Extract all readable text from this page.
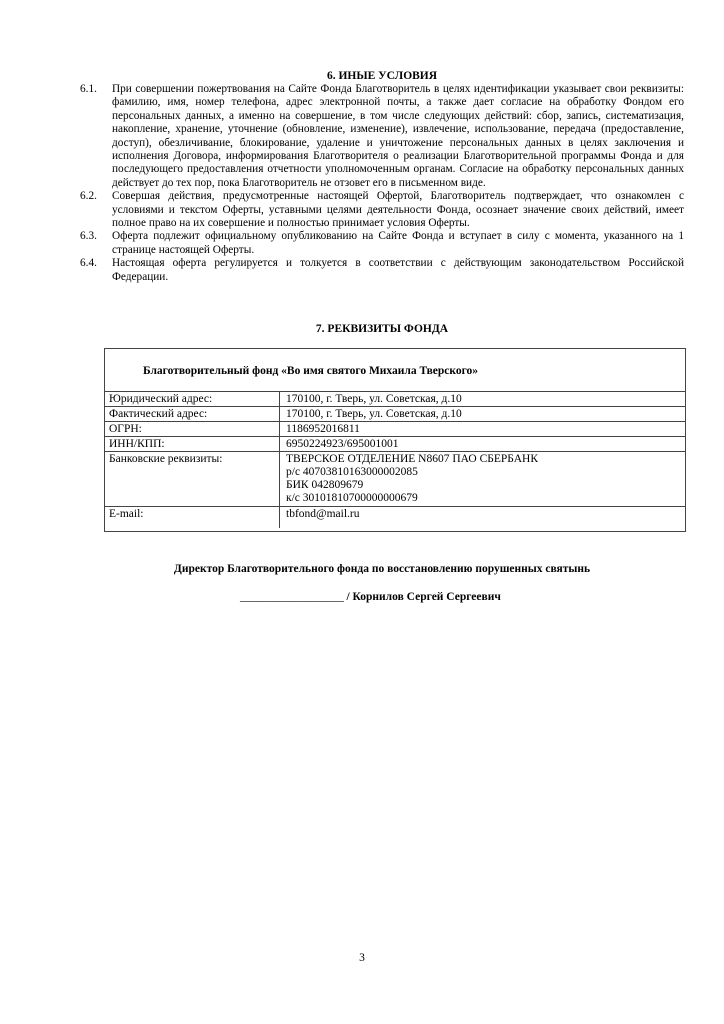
6. ИНЫЕ УСЛОВИЯ
6.1.	При совершении пожертвования на Сайте Фонда Благотворитель в целях идентификации указывает свои реквизиты: фамилию, имя, номер телефона, адрес электронной почты, а также дает согласие на обработку Фондом его персональных данных, а именно на совершение, в том числе следующих действий: сбор, запись, систематизация, накопление, хранение, уточнение (обновление, изменение), извлечение, использование, передача (предоставление, доступ), обезличивание, блокирование, удаление и уничтожение персональных данных в целях заключения и исполнения Договора, информирования Благотворителя о реализации Благотворительной программы Фонда и для последующего предоставления отчетности уполномоченным органам. Согласие на обработку персональных данных действует до тех пор, пока Благотворитель не отзовет его в письменном виде.
6.2.	Совершая действия, предусмотренные настоящей Офертой, Благотворитель подтверждает, что ознакомлен с условиями и текстом Оферты, уставными целями деятельности Фонда, осознает значение своих действий, имеет полное право на их совершение и полностью принимает условия Оферты.
6.3.	Оферта подлежит официальному опубликованию на Сайте Фонда и вступает в силу с момента, указанного на 1 странице настоящей Оферты.
6.4.	Настоящая оферта регулируется и толкуется в соответствии с действующим законодательством Российской Федерации.
7. РЕКВИЗИТЫ ФОНДА
Благотворительный фонд «Во имя святого Михаила Тверского»
Юридический адрес:	170100, г. Тверь, ул. Советская, д.10
Фактический адрес:	170100, г. Тверь, ул. Советская, д.10
ОГРН:	1186952016811
ИНН/КПП:	6950224923/695001001
Банковские реквизиты:	ТВЕРСКОЕ ОТДЕЛЕНИЕ N8607 ПАО СБЕРБАНК
р/с 40703810163000002085
БИК 042809679
к/с 30101810700000000679

E-mail:	tbfond@mail.ru
Директор Благотворительного фонда по восстановлению порушенных святынь
___________________ / Корнилов Сергей Сергеевич
3
